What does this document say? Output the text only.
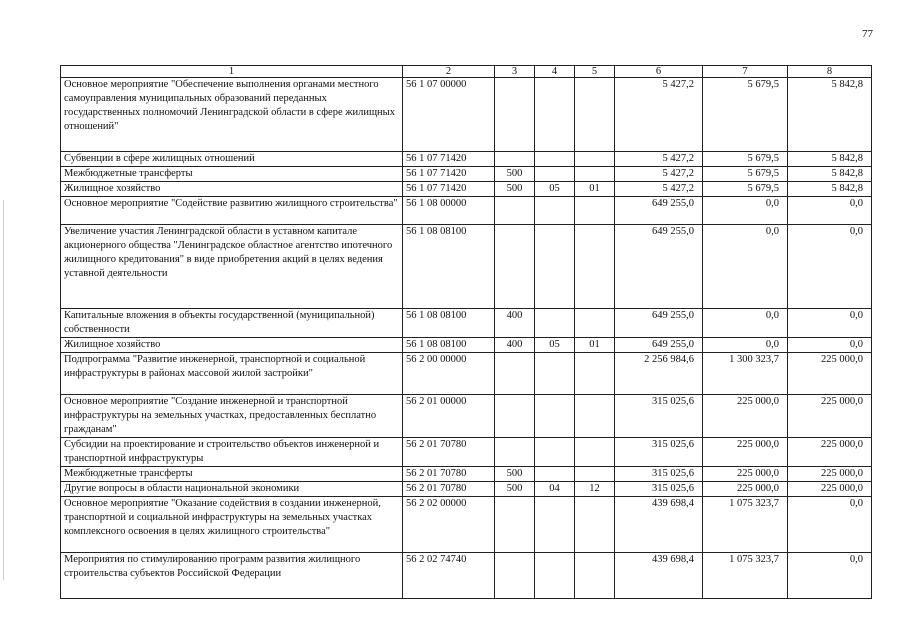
77
1	2	3	4	5	6	7	8
Основное мероприятие "Обеспечение выполнения органами местного самоуправления муниципальных образований переданных государственных полномочий Ленинградской области в сфере жилищных отношений"	56 1 07 00000				5 427,2	5 679,5	5 842,8
Субвенции в сфере жилищных отношений	56 1 07 71420				5 427,2	5 679,5	5 842,8
Межбюджетные трансферты	56 1 07 71420	500			5 427,2	5 679,5	5 842,8
Жилищное хозяйство	56 1 07 71420	500	05	01	5 427,2	5 679,5	5 842,8
Основное мероприятие "Содействие развитию жилищного строительства"	56 1 08 00000				649 255,0	0,0	0,0
Увеличение участия Ленинградской области в уставном капитале акционерного общества "Ленинградское областное агентство ипотечного жилищного кредитования" в виде приобретения акций в целях ведения уставной деятельности	56 1 08 08100				649 255,0	0,0	0,0
Капитальные вложения в объекты государственной (муниципальной) собственности	56 1 08 08100	400			649 255,0	0,0	0,0
Жилищное хозяйство	56 1 08 08100	400	05	01	649 255,0	0,0	0,0
Подпрограмма "Развитие инженерной, транспортной и социальной инфраструктуры в районах массовой жилой застройки"	56 2 00 00000				2 256 984,6	1 300 323,7	225 000,0
Основное мероприятие "Создание инженерной и транспортной инфраструктуры на земельных участках, предоставленных бесплатно гражданам"	56 2 01 00000				315 025,6	225 000,0	225 000,0
Субсидии на проектирование и строительство объектов инженерной и транспортной инфраструктуры	56 2 01 70780				315 025,6	225 000,0	225 000,0
Межбюджетные трансферты	56 2 01 70780	500			315 025,6	225 000,0	225 000,0
Другие вопросы в области национальной экономики	56 2 01 70780	500	04	12	315 025,6	225 000,0	225 000,0
Основное мероприятие "Оказание содействия в создании инженерной, транспортной и социальной инфраструктуры на земельных участках комплексного освоения в целях жилищного строительства"	56 2 02 00000				439 698,4	1 075 323,7	0,0
Мероприятия по стимулированию программ развития жилищного строительства субъектов Российской Федерации	56 2 02 74740				439 698,4	1 075 323,7	0,0
